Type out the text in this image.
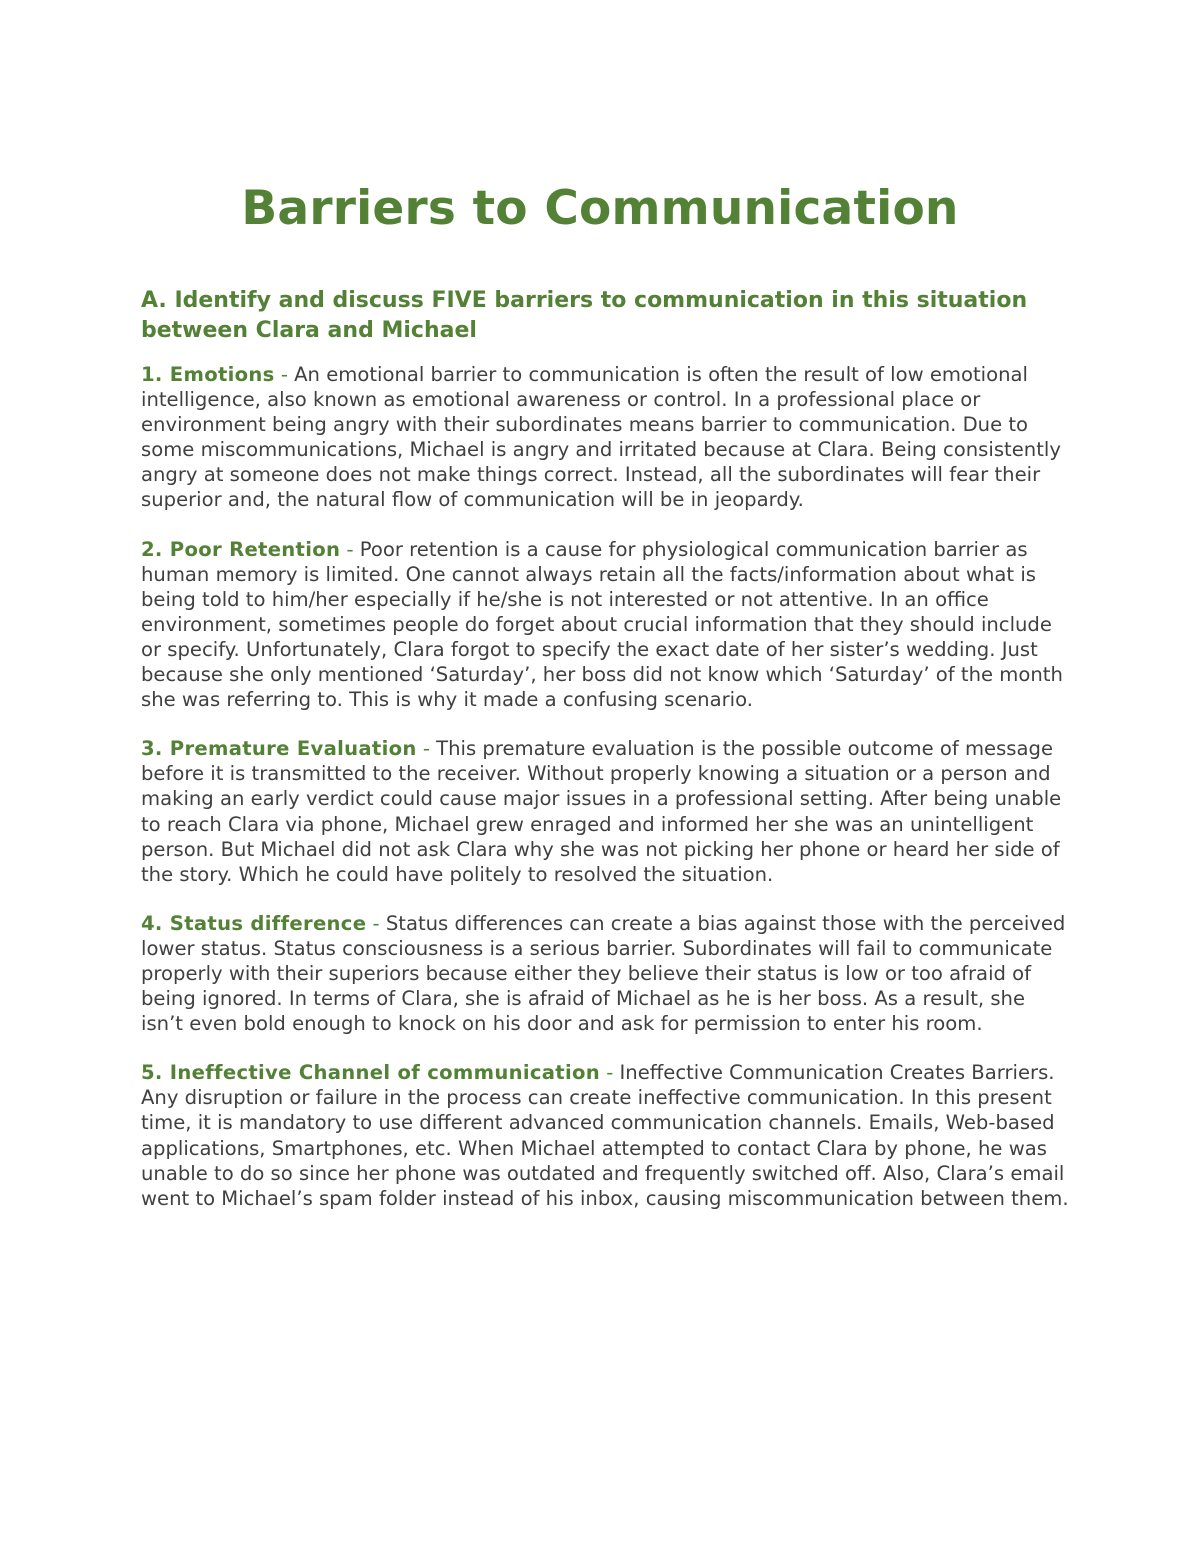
Barriers to Communication
A. Identify and discuss FIVE barriers to communication in this situation between Clara and Michael

1. Emotions - An emotional barrier to communication is often the result of low emotional intelligence, also known as emotional awareness or control. In a professional place or environment being angry with their subordinates means barrier to communication. Due to some miscommunications, Michael is angry and irritated because at Clara. Being consistently angry at someone does not make things correct. Instead, all the subordinates will fear their superior and, the natural flow of communication will be in jeopardy.

2. Poor Retention - Poor retention is a cause for physiological communication barrier as human memory is limited. One cannot always retain all the facts/information about what is being told to him/her especially if he/she is not interested or not attentive. In an office environment, sometimes people do forget about crucial information that they should include or specify. Unfortunately, Clara forgot to specify the exact date of her sister’s wedding. Just because she only mentioned ‘Saturday’, her boss did not know which ‘Saturday’ of the month she was referring to. This is why it made a confusing scenario.

3. Premature Evaluation - This premature evaluation is the possible outcome of message before it is transmitted to the receiver. Without properly knowing a situation or a person and making an early verdict could cause major issues in a professional setting. After being unable to reach Clara via phone, Michael grew enraged and informed her she was an unintelligent person. But Michael did not ask Clara why she was not picking her phone or heard her side of the story. Which he could have politely to resolved the situation.

4. Status difference - Status differences can create a bias against those with the perceived lower status. Status consciousness is a serious barrier. Subordinates will fail to communicate properly with their superiors because either they believe their status is low or too afraid of being ignored. In terms of Clara, she is afraid of Michael as he is her boss. As a result, she isn’t even bold enough to knock on his door and ask for permission to enter his room.

5. Ineffective Channel of communication - Ineffective Communication Creates Barriers. Any disruption or failure in the process can create ineffective communication. In this present time, it is mandatory to use different advanced communication channels. Emails, Web-based applications, Smartphones, etc. When Michael attempted to contact Clara by phone, he was unable to do so since her phone was outdated and frequently switched off. Also, Clara’s email went to Michael’s spam folder instead of his inbox, causing miscommunication between them.
